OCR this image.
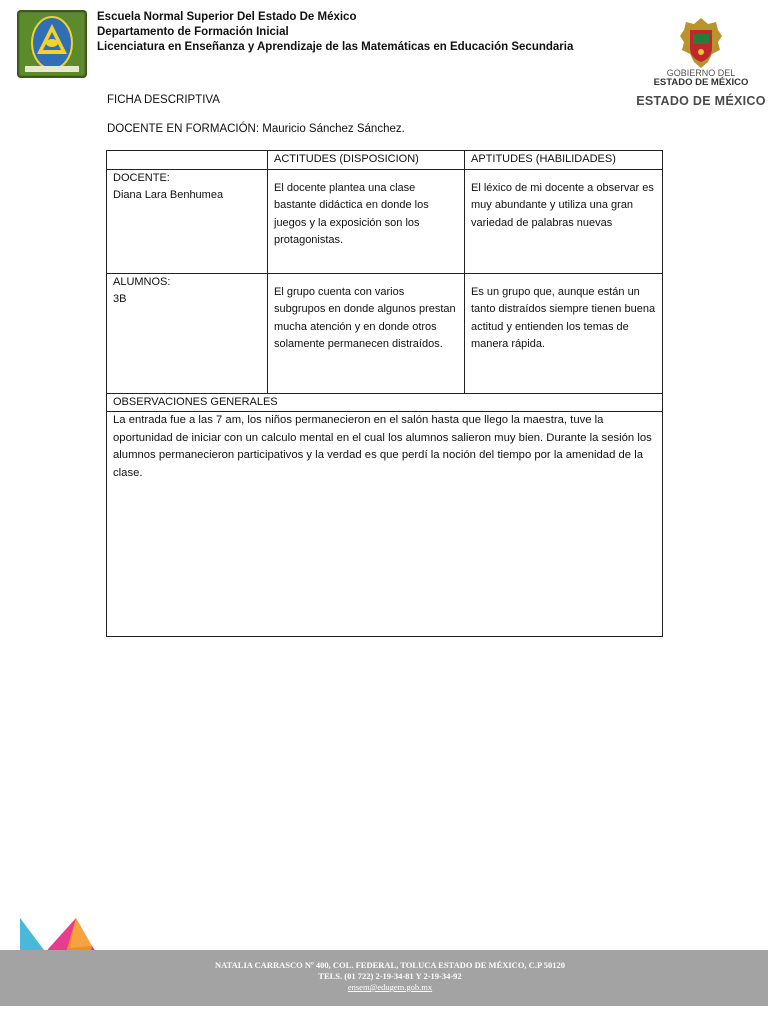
Escuela Normal Superior Del Estado De México
Departamento de Formación Inicial
Licenciatura en Enseñanza y Aprendizaje de las Matemáticas en Educación Secundaria
GOBIERNO DEL
ESTADO DE MÉXICO
ESTADO DE MÉXICO
FICHA DESCRIPTIVA
DOCENTE EN FORMACIÓN: Mauricio Sánchez Sánchez.
	ACTITUDES (DISPOSICION)	APTITUDES (HABILIDADES)

DOCENTE:
Diana Lara Benhumea	El docente plantea una clase bastante didáctica en donde los juegos y la exposición son los protagonistas.	El léxico de mi docente a observar es muy abundante y utiliza una gran variedad de palabras nuevas

ALUMNOS:
3B	El grupo cuenta con varios subgrupos en donde algunos prestan mucha atención y en donde otros solamente permanecen distraídos.	Es un grupo que, aunque están un tanto distraídos siempre tienen buena actitud y entienden los temas de manera rápida.

OBSERVACIONES GENERALES		
La entrada fue a las 7 am, los niños permanecieron en el salón hasta que llego la maestra, tuve la oportunidad de iniciar con un calculo mental en el cual los alumnos salieron muy bien. Durante la sesión los alumnos permanecieron participativos y la verdad es que perdí la noción del tiempo por la amenidad de la clase.		
NATALIA CARRASCO Nº 400, COL. FEDERAL, TOLUCA ESTADO DE MÉXICO, C.P 50120
TELS. (01 722) 2-19-34-81 Y 2-19-34-92
ensem@edugem.gob.mx
